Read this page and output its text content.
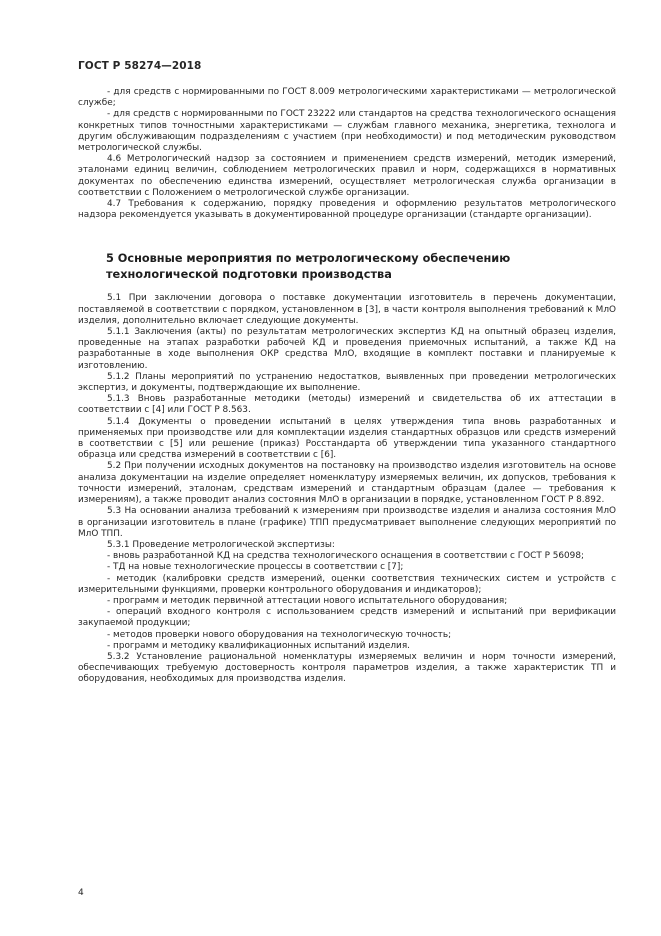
ГОСТ Р 58274—2018

- для средств с нормированными по ГОСТ 8.009 метрологическими характеристиками — метрологической службе;

- для средств с нормированными по ГОСТ 23222 или стандартов на средства технологического оснащения конкретных типов точностными характеристиками — службам главного механика, энергетика, технолога и другим обслуживающим подразделениям с участием (при необходимости) и под методическим руководством метрологической службы.

4.6 Метрологический надзор за состоянием и применением средств измерений, методик измерений, эталонами единиц величин, соблюдением метрологических правил и норм, содержащихся в нормативных документах по обеспечению единства измерений, осуществляет метрологическая служба организации в соответствии с Положением о метрологической службе организации.

4.7 Требования к содержанию, порядку проведения и оформлению результатов метрологического надзора рекомендуется указывать в документированной процедуре организации (стандарте организации).

5 Основные мероприятия по метрологическому обеспечению
технологической подготовки производства

5.1 При заключении договора о поставке документации изготовитель в перечень документации, поставляемой в соответствии с порядком, установленном в [3], в части контроля выполнения требований к МлО изделия, дополнительно включает следующие документы.

5.1.1 Заключения (акты) по результатам метрологических экспертиз КД на опытный образец изделия, проведенные на этапах разработки рабочей КД и проведения приемочных испытаний, а также КД на разработанные в ходе выполнения ОКР средства МлО, входящие в комплект поставки и планируемые к изготовлению.

5.1.2 Планы мероприятий по устранению недостатков, выявленных при проведении метрологических экспертиз, и документы, подтверждающие их выполнение.

5.1.3 Вновь разработанные методики (методы) измерений и свидетельства об их аттестации в соответствии с [4] или ГОСТ Р 8.563.

5.1.4 Документы о проведении испытаний в целях утверждения типа вновь разработанных и применяемых при производстве или для комплектации изделия стандартных образцов или средств измерений в соответствии с [5] или решение (приказ) Росстандарта об утверждении типа указанного стандартного образца или средства измерений в соответствии с [6].

5.2 При получении исходных документов на постановку на производство изделия изготовитель на основе анализа документации на изделие определяет номенклатуру измеряемых величин, их допусков, требования к точности измерений, эталонам, средствам измерений и стандартным образцам (далее — требования к измерениям), а также проводит анализ состояния МлО в организации в порядке, установленном ГОСТ Р 8.892.

5.3 На основании анализа требований к измерениям при производстве изделия и анализа состояния МлО в организации изготовитель в плане (графике) ТПП предусматривает выполнение следующих мероприятий по МлО ТПП.

5.3.1 Проведение метрологической экспертизы:

- вновь разработанной КД на средства технологического оснащения в соответствии с ГОСТ Р 56098;

- ТД на новые технологические процессы в соответствии с [7];

- методик (калибровки средств измерений, оценки соответствия технических систем и устройств с измерительными функциями, проверки контрольного оборудования и индикаторов);

- программ и методик первичной аттестации нового испытательного оборудования;

- операций входного контроля с использованием средств измерений и испытаний при верификации закупаемой продукции;

- методов проверки нового оборудования на технологическую точность;

- программ и методику квалификационных испытаний изделия.

5.3.2 Установление рациональной номенклатуры измеряемых величин и норм точности измерений, обеспечивающих требуемую достоверность контроля параметров изделия, а также характеристик ТП и оборудования, необходимых для производства изделия.

4
